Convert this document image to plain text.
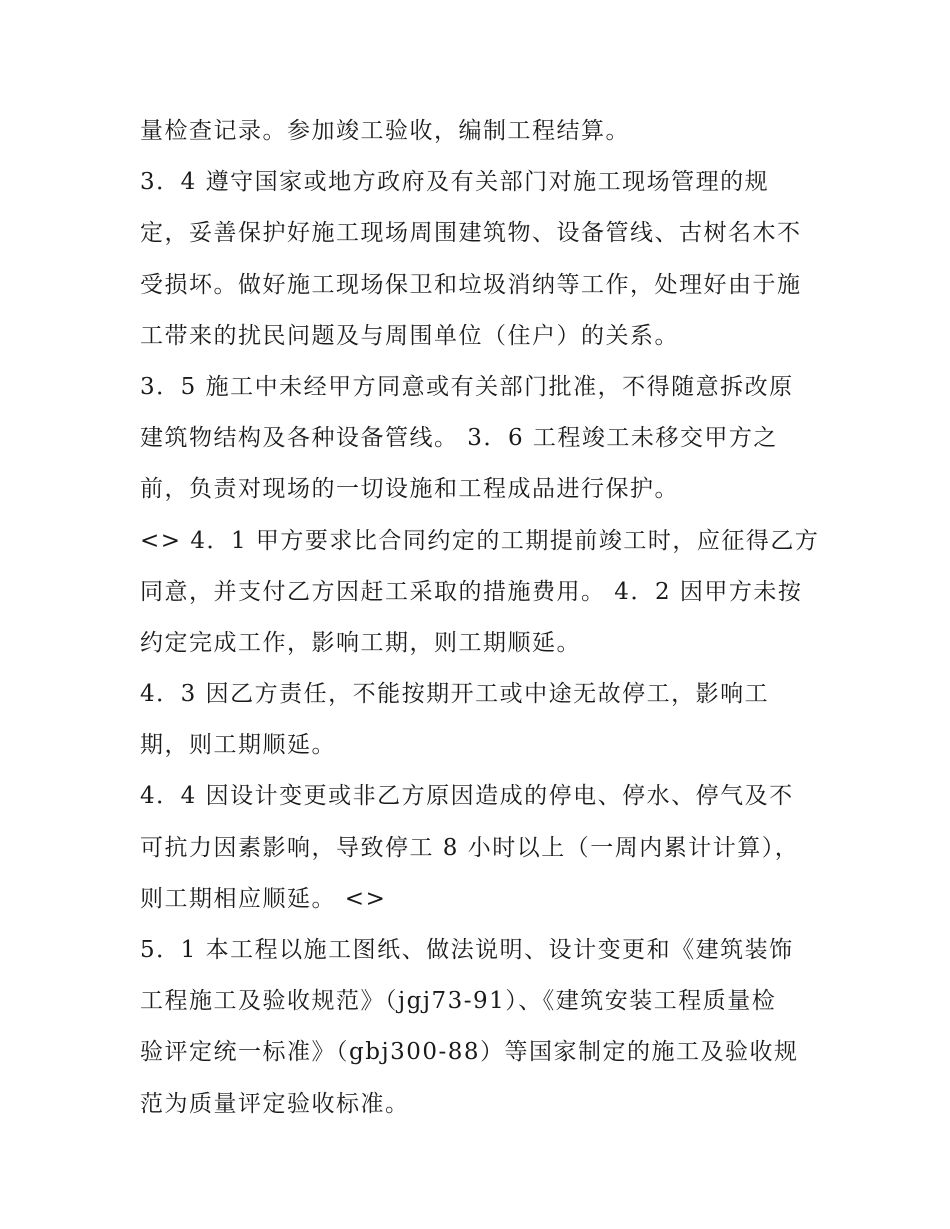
量检查记录。参加竣工验收，编制工程结算。
3．4 遵守国家或地方政府及有关部门对施工现场管理的规
定，妥善保护好施工现场周围建筑物、设备管线、古树名木不
受损坏。做好施工现场保卫和垃圾消纳等工作，处理好由于施
工带来的扰民问题及与周围单位（住户）的关系。
3．5 施工中未经甲方同意或有关部门批准，不得随意拆改原
建筑物结构及各种设备管线。 3．6 工程竣工未移交甲方之
前，负责对现场的一切设施和工程成品进行保护。
<> 4．1 甲方要求比合同约定的工期提前竣工时，应征得乙方
同意，并支付乙方因赶工采取的措施费用。 4．2 因甲方未按
约定完成工作，影响工期，则工期顺延。
4．3 因乙方责任，不能按期开工或中途无故停工，影响工
期，则工期顺延。
4．4 因设计变更或非乙方原因造成的停电、停水、停气及不
可抗力因素影响，导致停工 8 小时以上（一周内累计计算），
则工期相应顺延。 <>
5．1 本工程以施工图纸、做法说明、设计变更和《建筑装饰
工程施工及验收规范》（jgj73-91）、《建筑安装工程质量检
验评定统一标准》（gbj300-88）等国家制定的施工及验收规
范为质量评定验收标准。
